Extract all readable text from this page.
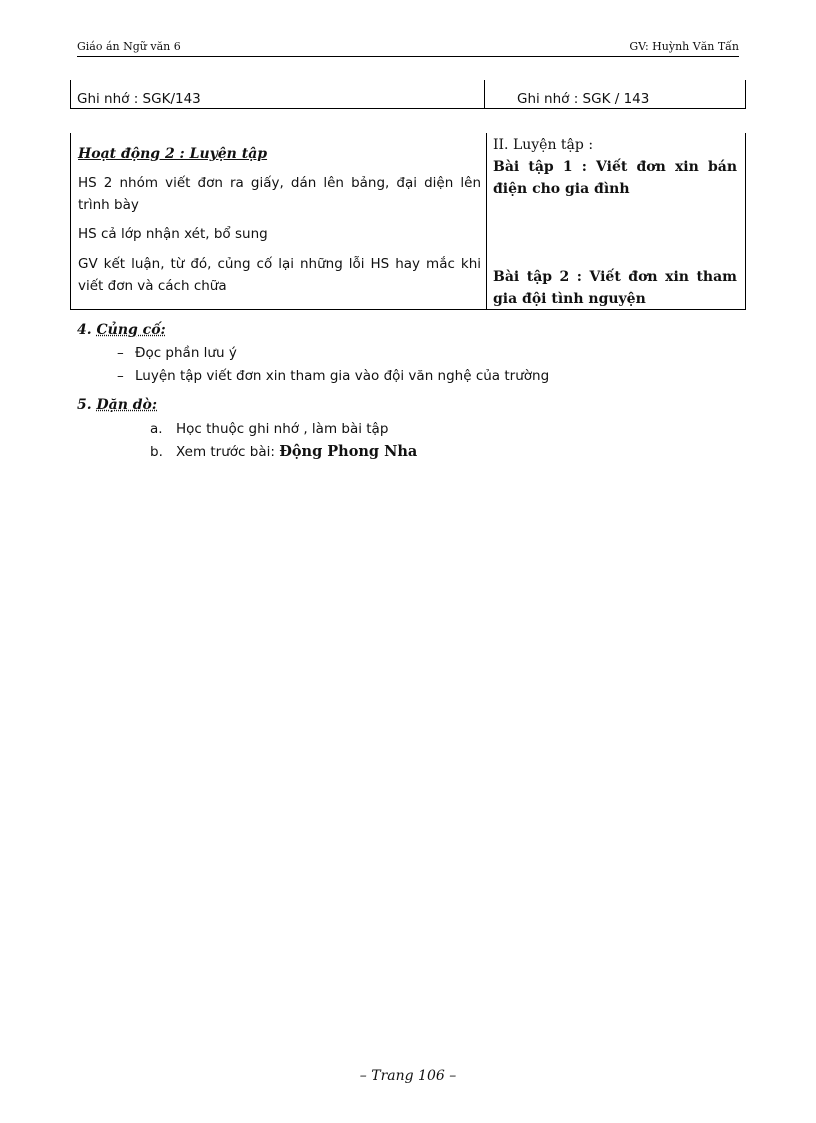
Giáo án Ngữ văn 6	GV: Huỳnh Văn Tấn
Ghi nhớ : SGK/143	Ghi nhớ : SGK / 143
Hoạt động 2 : Luyện tập
HS 2 nhóm viết đơn ra giấy, dán lên bảng, đại diện lên trình bày
HS cả lớp nhận xét, bổ sung
GV kết luận, từ đó, củng cố lại những lỗi HS hay mắc khi viết đơn và cách chữa
II. Luyện tập :
Bài tập 1 : Viết đơn xin bán điện cho gia đình
Bài tập 2 : Viết đơn xin tham gia đội tình nguyện
4. Củng cố:
– Đọc phần lưu ý
– Luyện tập viết đơn xin tham gia vào đội văn nghệ của trường
5. Dặn dò:
a. Học thuộc ghi nhớ , làm bài tập
b. Xem trước bài: Động Phong Nha
– Trang 106 –
